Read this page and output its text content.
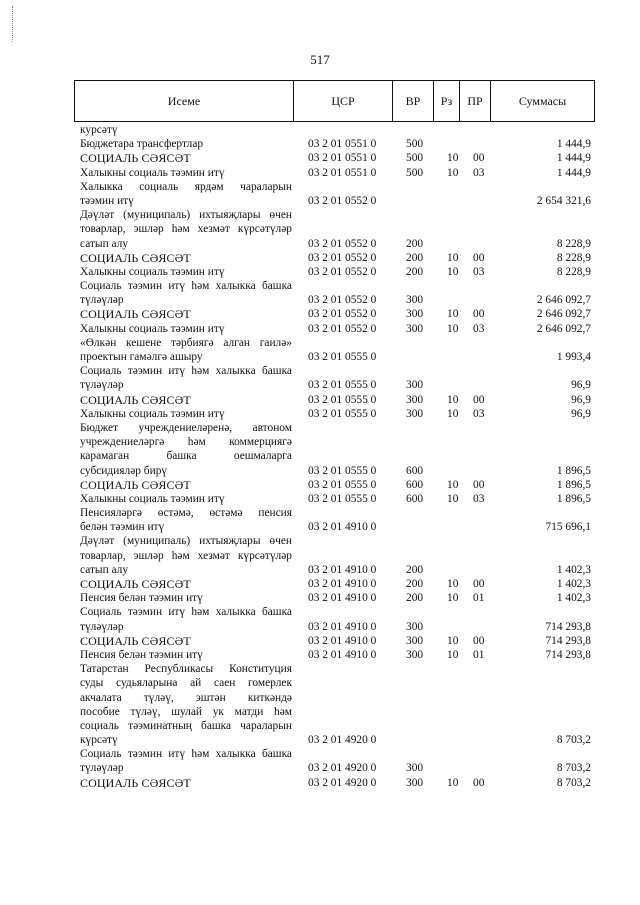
517
Исеме	ЦСР	ВР	Рз	ПР	Суммасы
курсәтү
Бюджетара трансфертлар	03 2 01 0551 0	500	1 444,9
СОЦИАЛЬ СӘЯСӘТ	03 2 01 0551 0	500 10 00	1 444,9
Халыкны социаль тәэмин итү	03 2 01 0551 0	500 10 03	1 444,9
Халыкка социаль ярдәм чараларын
тәэмин итү	03 2 01 0552 0	2 654 321,6
Дәүләт (муниципаль) ихтыяҗлары өчен
товарлар, эшләр һәм хезмәт күрсәтүләр
сатып алу	03 2 01 0552 0	200	8 228,9
СОЦИАЛЬ СӘЯСӘТ	03 2 01 0552 0	200 10 00	8 228,9
Халыкны социаль тәэмин итү	03 2 01 0552 0	200 10 03	8 228,9
Социаль тәэмин итү һәм халыкка башка
түләүләр	03 2 01 0552 0	300	2 646 092,7
СОЦИАЛЬ СӘЯСӘТ	03 2 01 0552 0	300 10 00	2 646 092,7
Халыкны социаль тәэмин итү	03 2 01 0552 0	300 10 03	2 646 092,7
«Өлкән кешене тәрбиягә алган гаилә»
проектын гамәлгә ашыру	03 2 01 0555 0	1 993,4
Социаль тәэмин итү һәм халыкка башка
түләүләр	03 2 01 0555 0	300	96,9
СОЦИАЛЬ СӘЯСӘТ	03 2 01 0555 0	300 10 00	96,9
Халыкны социаль тәэмин итү	03 2 01 0555 0	300 10 03	96,9
Бюджет учреждениеләренә, автоном
учреждениеләргә һәм коммерциягә
карамаган башка оешмаларга
субсидияләр бирү	03 2 01 0555 0	600	1 896,5
СОЦИАЛЬ СӘЯСӘТ	03 2 01 0555 0	600 10 00	1 896,5
Халыкны социаль тәэмин итү	03 2 01 0555 0	600 10 03	1 896,5
Пенсияләргә өстәмә, өстәмә пенсия
белән тәэмин итү	03 2 01 4910 0	715 696,1
Дәүләт (муниципаль) ихтыяҗлары өчен
товарлар, эшләр һәм хезмәт күрсәтүләр
сатып алу	03 2 01 4910 0	200	1 402,3
СОЦИАЛЬ СӘЯСӘТ	03 2 01 4910 0	200 10 00	1 402,3
Пенсия белән тәэмин итү	03 2 01 4910 0	200 10 01	1 402,3
Социаль тәэмин итү һәм халыкка башка
түләүләр	03 2 01 4910 0	300	714 293,8
СОЦИАЛЬ СӘЯСӘТ	03 2 01 4910 0	300 10 00	714 293,8
Пенсия белән тәэмин итү	03 2 01 4910 0	300 10 01	714 293,8
Татарстан Республикасы Конституция
суды судьяларына ай саен гомерлек
акчалата түләү, эштән киткәндә
пособие түләү, шулай ук матди һәм
социаль тәэминатның башка чараларын
күрсәтү	03 2 01 4920 0	8 703,2
Социаль тәэмин итү һәм халыкка башка
түләүләр	03 2 01 4920 0	300	8 703,2
СОЦИАЛЬ СӘЯСӘТ	03 2 01 4920 0	300 10 00	8 703,2
